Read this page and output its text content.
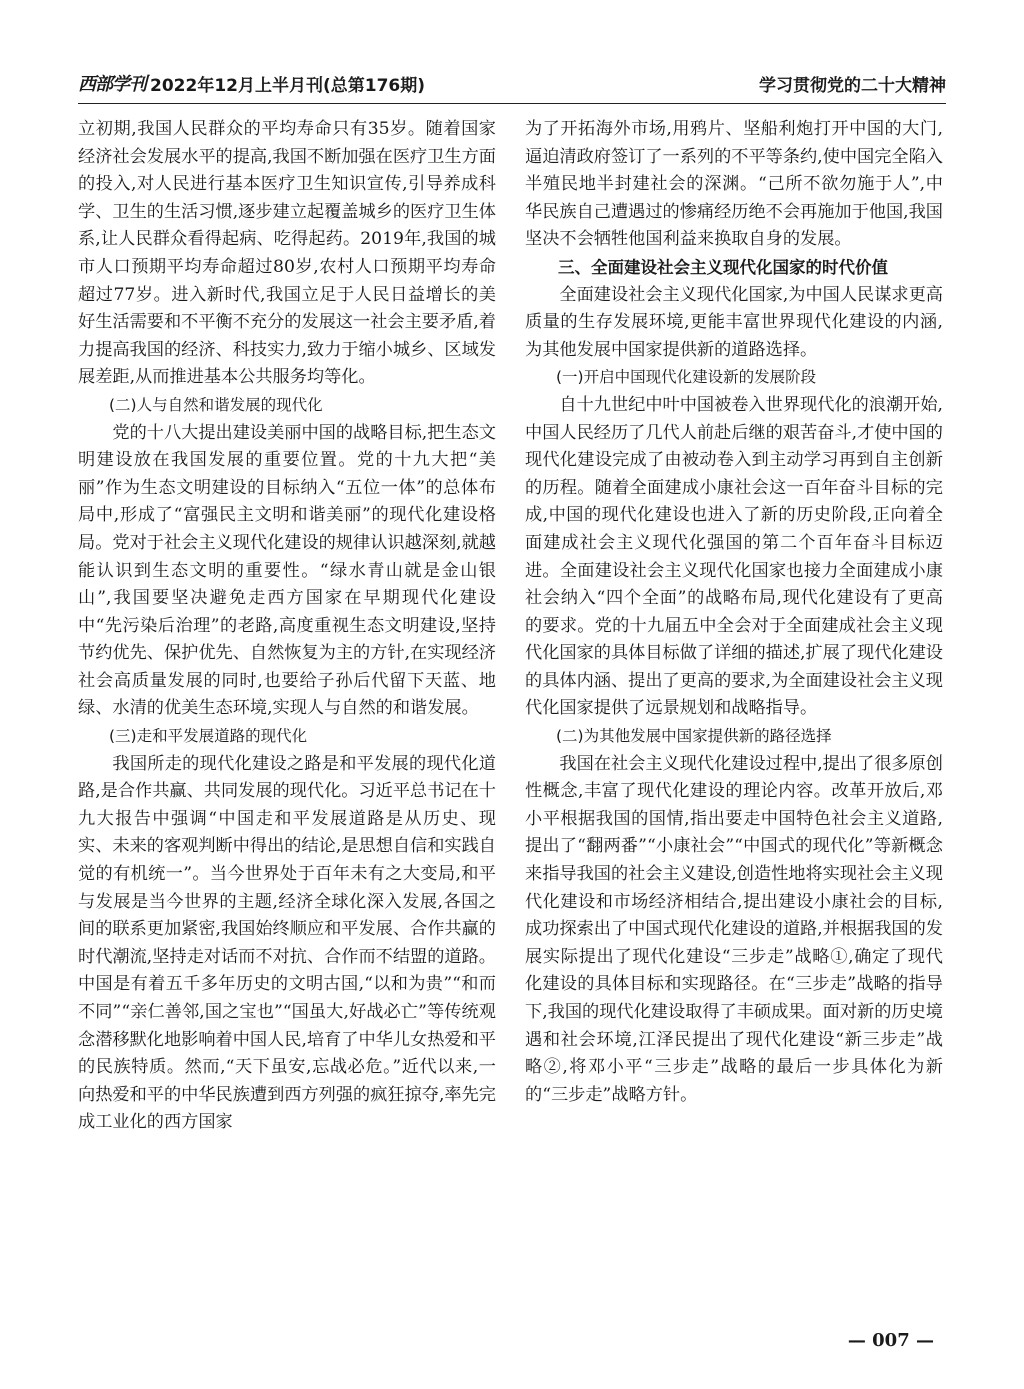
西部学刊 2022年12月上半月刊(总第176期)	学习贯彻党的二十大精神

立初期,我国人民群众的平均寿命只有35岁。随着国家经济社会发展水平的提高,我国不断加强在医疗卫生方面的投入,对人民进行基本医疗卫生知识宣传,引导养成科学、卫生的生活习惯,逐步建立起覆盖城乡的医疗卫生体系,让人民群众看得起病、吃得起药。2019年,我国的城市人口预期平均寿命超过80岁,农村人口预期平均寿命超过77岁。进入新时代,我国立足于人民日益增长的美好生活需要和不平衡不充分的发展这一社会主要矛盾,着力提高我国的经济、科技实力,致力于缩小城乡、区域发展差距,从而推进基本公共服务均等化。

(二)人与自然和谐发展的现代化

党的十八大提出建设美丽中国的战略目标,把生态文明建设放在我国发展的重要位置。党的十九大把“美丽”作为生态文明建设的目标纳入“五位一体”的总体布局中,形成了“富强民主文明和谐美丽”的现代化建设格局。党对于社会主义现代化建设的规律认识越深刻,就越能认识到生态文明的重要性。“绿水青山就是金山银山”,我国要坚决避免走西方国家在早期现代化建设中“先污染后治理”的老路,高度重视生态文明建设,坚持节约优先、保护优先、自然恢复为主的方针,在实现经济社会高质量发展的同时,也要给子孙后代留下天蓝、地绿、水清的优美生态环境,实现人与自然的和谐发展。

(三)走和平发展道路的现代化

我国所走的现代化建设之路是和平发展的现代化道路,是合作共赢、共同发展的现代化。习近平总书记在十九大报告中强调“中国走和平发展道路是从历史、现实、未来的客观判断中得出的结论,是思想自信和实践自觉的有机统一”。当今世界处于百年未有之大变局,和平与发展是当今世界的主题,经济全球化深入发展,各国之间的联系更加紧密,我国始终顺应和平发展、合作共赢的时代潮流,坚持走对话而不对抗、合作而不结盟的道路。中国是有着五千多年历史的文明古国,“以和为贵”“和而不同”“亲仁善邻,国之宝也”“国虽大,好战必亡”等传统观念潜移默化地影响着中国人民,培育了中华儿女热爱和平的民族特质。然而,“天下虽安,忘战必危。”近代以来,一向热爱和平的中华民族遭到西方列强的疯狂掠夺,率先完成工业化的西方国家

为了开拓海外市场,用鸦片、坚船利炮打开中国的大门,逼迫清政府签订了一系列的不平等条约,使中国完全陷入半殖民地半封建社会的深渊。“己所不欲勿施于人”,中华民族自己遭遇过的惨痛经历绝不会再施加于他国,我国坚决不会牺牲他国利益来换取自身的发展。

三、全面建设社会主义现代化国家的时代价值

全面建设社会主义现代化国家,为中国人民谋求更高质量的生存发展环境,更能丰富世界现代化建设的内涵,为其他发展中国家提供新的道路选择。

(一)开启中国现代化建设新的发展阶段

自十九世纪中叶中国被卷入世界现代化的浪潮开始,中国人民经历了几代人前赴后继的艰苦奋斗,才使中国的现代化建设完成了由被动卷入到主动学习再到自主创新的历程。随着全面建成小康社会这一百年奋斗目标的完成,中国的现代化建设也进入了新的历史阶段,正向着全面建成社会主义现代化强国的第二个百年奋斗目标迈进。全面建设社会主义现代化国家也接力全面建成小康社会纳入“四个全面”的战略布局,现代化建设有了更高的要求。党的十九届五中全会对于全面建成社会主义现代化国家的具体目标做了详细的描述,扩展了现代化建设的具体内涵、提出了更高的要求,为全面建设社会主义现代化国家提供了远景规划和战略指导。

(二)为其他发展中国家提供新的路径选择

我国在社会主义现代化建设过程中,提出了很多原创性概念,丰富了现代化建设的理论内容。改革开放后,邓小平根据我国的国情,指出要走中国特色社会主义道路,提出了“翻两番”“小康社会”“中国式的现代化”等新概念来指导我国的社会主义建设,创造性地将实现社会主义现代化建设和市场经济相结合,提出建设小康社会的目标,成功探索出了中国式现代化建设的道路,并根据我国的发展实际提出了现代化建设“三步走”战略①,确定了现代化建设的具体目标和实现路径。在“三步走”战略的指导下,我国的现代化建设取得了丰硕成果。面对新的历史境遇和社会环境,江泽民提出了现代化建设“新三步走”战略②,将邓小平“三步走”战略的最后一步具体化为新的“三步走”战略方针。

— 007 —
